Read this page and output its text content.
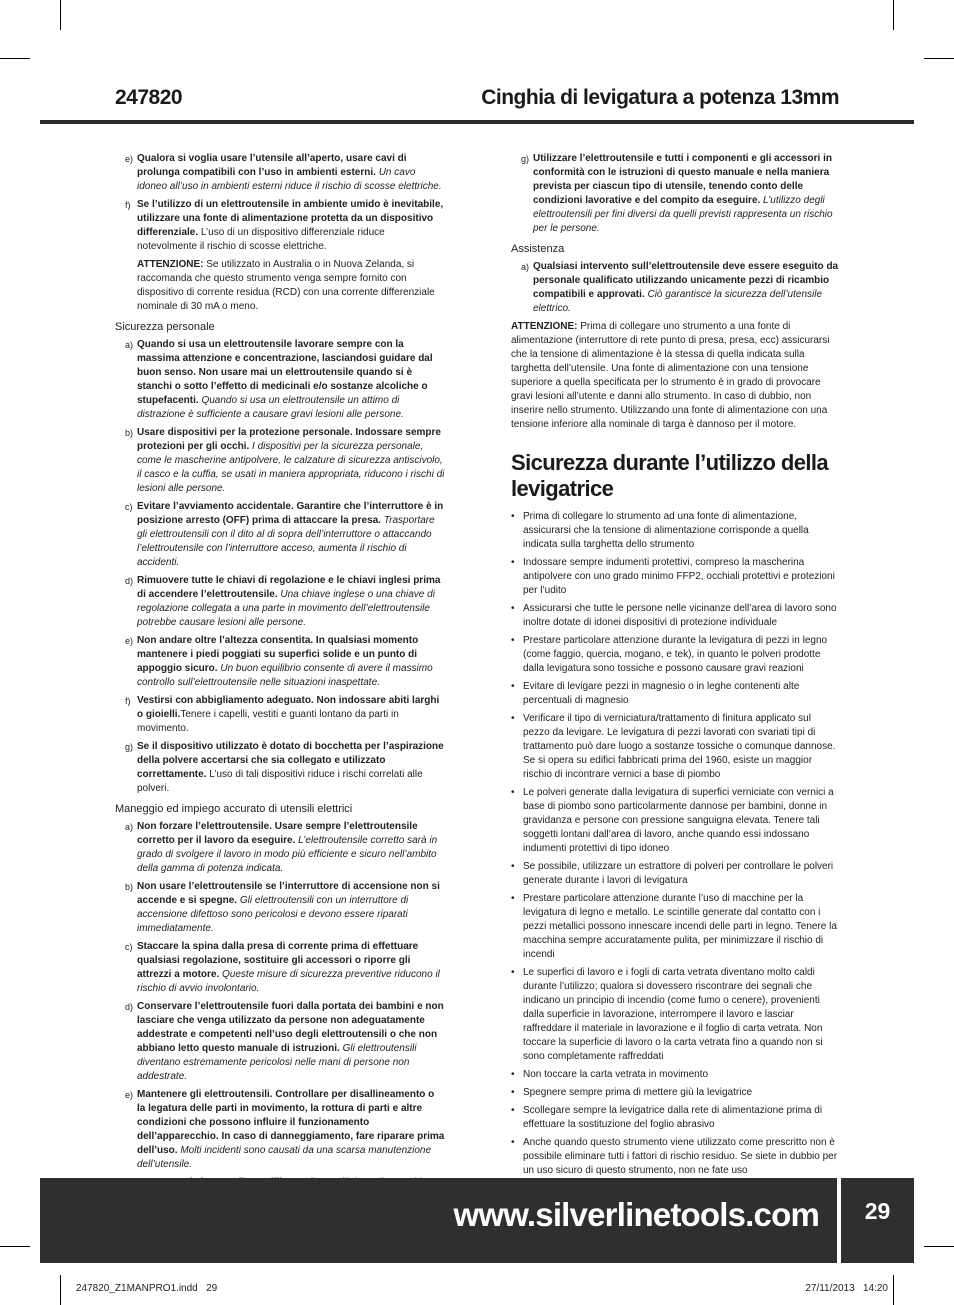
247820	Cinghia di levigatura a potenza 13mm
e) Qualora si voglia usare l’utensile all’aperto, usare cavi di prolunga compatibili con l’uso in ambienti esterni. Un cavo idoneo all’uso in ambienti esterni riduce il rischio di scosse elettriche.
f) Se l’utilizzo di un elettroutensile in ambiente umido è inevitabile, utilizzare una fonte di alimentazione protetta da un dispositivo differenziale. L’uso di un dispositivo differenziale riduce notevolmente il rischio di scosse elettriche.
ATTENZIONE: Se utilizzato in Australia o in Nuova Zelanda, si raccomanda che questo strumento venga sempre fornito con dispositivo di corrente residua (RCD) con una corrente differenziale nominale di 30 mA o meno.
Sicurezza personale
a) Quando si usa un elettroutensile lavorare sempre con la massima attenzione e concentrazione, lasciandosi guidare dal buon senso. Non usare mai un elettroutensile quando si è stanchi o sotto l’effetto di medicinali e/o sostanze alcoliche o stupefacenti. Quando si usa un elettroutensile un attimo di distrazione è sufficiente a causare gravi lesioni alle persone.
b) Usare dispositivi per la protezione personale. Indossare sempre protezioni per gli occhi. I dispositivi per la sicurezza personale, come le mascherine antipolvere, le calzature di sicurezza antiscivolo, il casco e la cuffia, se usati in maniera appropriata, riducono i rischi di lesioni alle persone.
c) Evitare l’avviamento accidentale. Garantire che l’interruttore è in posizione arresto (OFF) prima di attaccare la presa. Trasportare gli elettroutensili con il dito al di sopra dell’interruttore o attaccando l’elettroutensile con l’interruttore acceso, aumenta il rischio di accidenti.
d) Rimuovere tutte le chiavi di regolazione e le chiavi inglesi prima di accendere l’elettroutensile. Una chiave inglese o una chiave di regolazione collegata a una parte in movimento dell’elettroutensile potrebbe causare lesioni alle persone.
e) Non andare oltre l’altezza consentita. In qualsiasi momento mantenere i piedi poggiati su superfici solide e un punto di appoggio sicuro. Un buon equilibrio consente di avere il massimo controllo sull’elettroutensile nelle situazioni inaspettate.
f) Vestirsi con abbigliamento adeguato. Non indossare abiti larghi o gioielli.Tenere i capelli, vestiti e guanti lontano da parti in movimento.
g) Se il dispositivo utilizzato è dotato di bocchetta per l’aspirazione della polvere accertarsi che sia collegato e utilizzato correttamente. L’uso di tali dispositivi riduce i rischi correlati alle polveri.
Maneggio ed impiego accurato di utensili elettrici
a) Non forzare l’elettroutensile. Usare sempre l’elettroutensile corretto per il lavoro da eseguire. L’elettroutensile corretto sarà in grado di svolgere il lavoro in modo più efficiente e sicuro nell’ambito della gamma di potenza indicata.
b) Non usare l’elettroutensile se l’interruttore di accensione non si accende e si spegne. Gli elettroutensili con un interruttore di accensione difettoso sono pericolosi e devono essere riparati immediatamente.
c) Staccare la spina dalla presa di corrente prima di effettuare qualsiasi regolazione, sostituire gli accessori o riporre gli attrezzi a motore. Queste misure di sicurezza preventive riducono il rischio di avvio involontario.
d) Conservare l’elettroutensile fuori dalla portata dei bambini e non lasciare che venga utilizzato da persone non adeguatamente addestrate e competenti nell’uso degli elettroutensili o che non abbiano letto questo manuale di istruzioni. Gli elettroutensili diventano estremamente pericolosi nelle mani di persone non addestrate.
e) Mantenere gli elettroutensili. Controllare per disallineamento o la legatura delle parti in movimento, la rottura di parti e altre condizioni che possono influire il funzionamento dell’apparecchio. In caso di danneggiamento, fare riparare prima dell’uso. Molti incidenti sono causati da una scarsa manutenzione dell’utensile.
g) Utilizzare l’elettroutensile e tutti i componenti e gli accessori in conformità con le istruzioni di questo manuale e nella maniera prevista per ciascun tipo di utensile, tenendo conto delle condizioni lavorative e del compito da eseguire. L’utilizzo degli elettroutensili per fini diversi da quelli previsti rappresenta un rischio per le persone.
Assistenza
a) Qualsiasi intervento sull’elettroutensile deve essere eseguito da personale qualificato utilizzando unicamente pezzi di ricambio compatibili e approvati. Ciò garantisce la sicurezza dell’utensile elettrico.
ATTENZIONE: Prima di collegare uno strumento a una fonte di alimentazione (interruttore di rete punto di presa, presa, ecc) assicurarsi che la tensione di alimentazione è la stessa di quella indicata sulla targhetta dell’utensile. Una fonte di alimentazione con una tensione superiore a quella specificata per lo strumento è in grado di provocare gravi lesioni all’utente e danni allo strumento. In caso di dubbio, non inserire nello strumento. Utilizzando una fonte di alimentazione con una tensione inferiore alla nominale di targa è dannoso per il motore.
Sicurezza durante l’utilizzo della levigatrice
• Prima di collegare lo strumento ad una fonte di alimentazione, assicurarsi che la tensione di alimentazione corrisponde a quella indicata sulla targhetta dello strumento
• Indossare sempre indumenti protettivi, compreso la mascherina antipolvere con uno grado minimo FFP2, occhiali protettivi e protezioni per l’udito
• Assicurarsi che tutte le persone nelle vicinanze dell’area di lavoro sono inoltre dotate di idonei dispositivi di protezione individuale
• Prestare particolare attenzione durante la levigatura di pezzi in legno (come faggio, quercia, mogano, e tek), in quanto le polveri prodotte dalla levigatura sono tossiche e possono causare gravi reazioni
• Evitare di levigare pezzi in magnesio o in leghe contenenti alte percentuali di magnesio
• Verificare il tipo di verniciatura/trattamento di finitura applicato sul pezzo da levigare. Le levigatura di pezzi lavorati con svariati tipi di trattamento può dare luogo a sostanze tossiche o comunque dannose. Se si opera su edifici fabbricati prima del 1960, esiste un maggior rischio di incontrare vernici a base di piombo
• Le polveri generate dalla levigatura di superfici verniciate con vernici a base di piombo sono particolarmente dannose per bambini, donne in gravidanza e persone con pressione sanguigna elevata. Tenere tali soggetti lontani dall’area di lavoro, anche quando essi indossano indumenti protettivi di tipo idoneo
• Se possibile, utilizzare un estrattore di polveri per controllare le polveri generate durante i lavori di levigatura
• Prestare particolare attenzione durante l’uso di macchine per la levigatura di legno e metallo. Le scintille generate dal contatto con i pezzi metallici possono innescare incendi delle parti in legno. Tenere la macchina sempre accuratamente pulita, per minimizzare il rischio di incendi
• Le superfici di lavoro e i fogli di carta vetrata diventano molto caldi durante l’utilizzo; qualora si dovessero riscontrare dei segnali che indicano un principio di incendio (come fumo o cenere), provenienti dalla superficie in lavorazione, interrompere il lavoro e lasciar raffreddare il materiale in lavorazione e il foglio di carta vetrata. Non toccare la superficie di lavoro o la carta vetrata fino a quando non si sono completamente raffreddati
• Non toccare la carta vetrata in movimento
• Spegnere sempre prima di mettere giù la levigatrice
• Scollegare sempre la levigatrice dalla rete di alimentazione prima di effettuare la sostituzione del foglio abrasivo
• Anche quando questo strumento viene utilizzato come prescritto non è possibile eliminare tutti i fattori di rischio residuo. Se siete in dubbio per un uso sicuro di questo strumento, non ne fate uso
www.silverlinetools.com	29
247820_Z1MANPRO1.indd   29	27/11/2013   14:20
